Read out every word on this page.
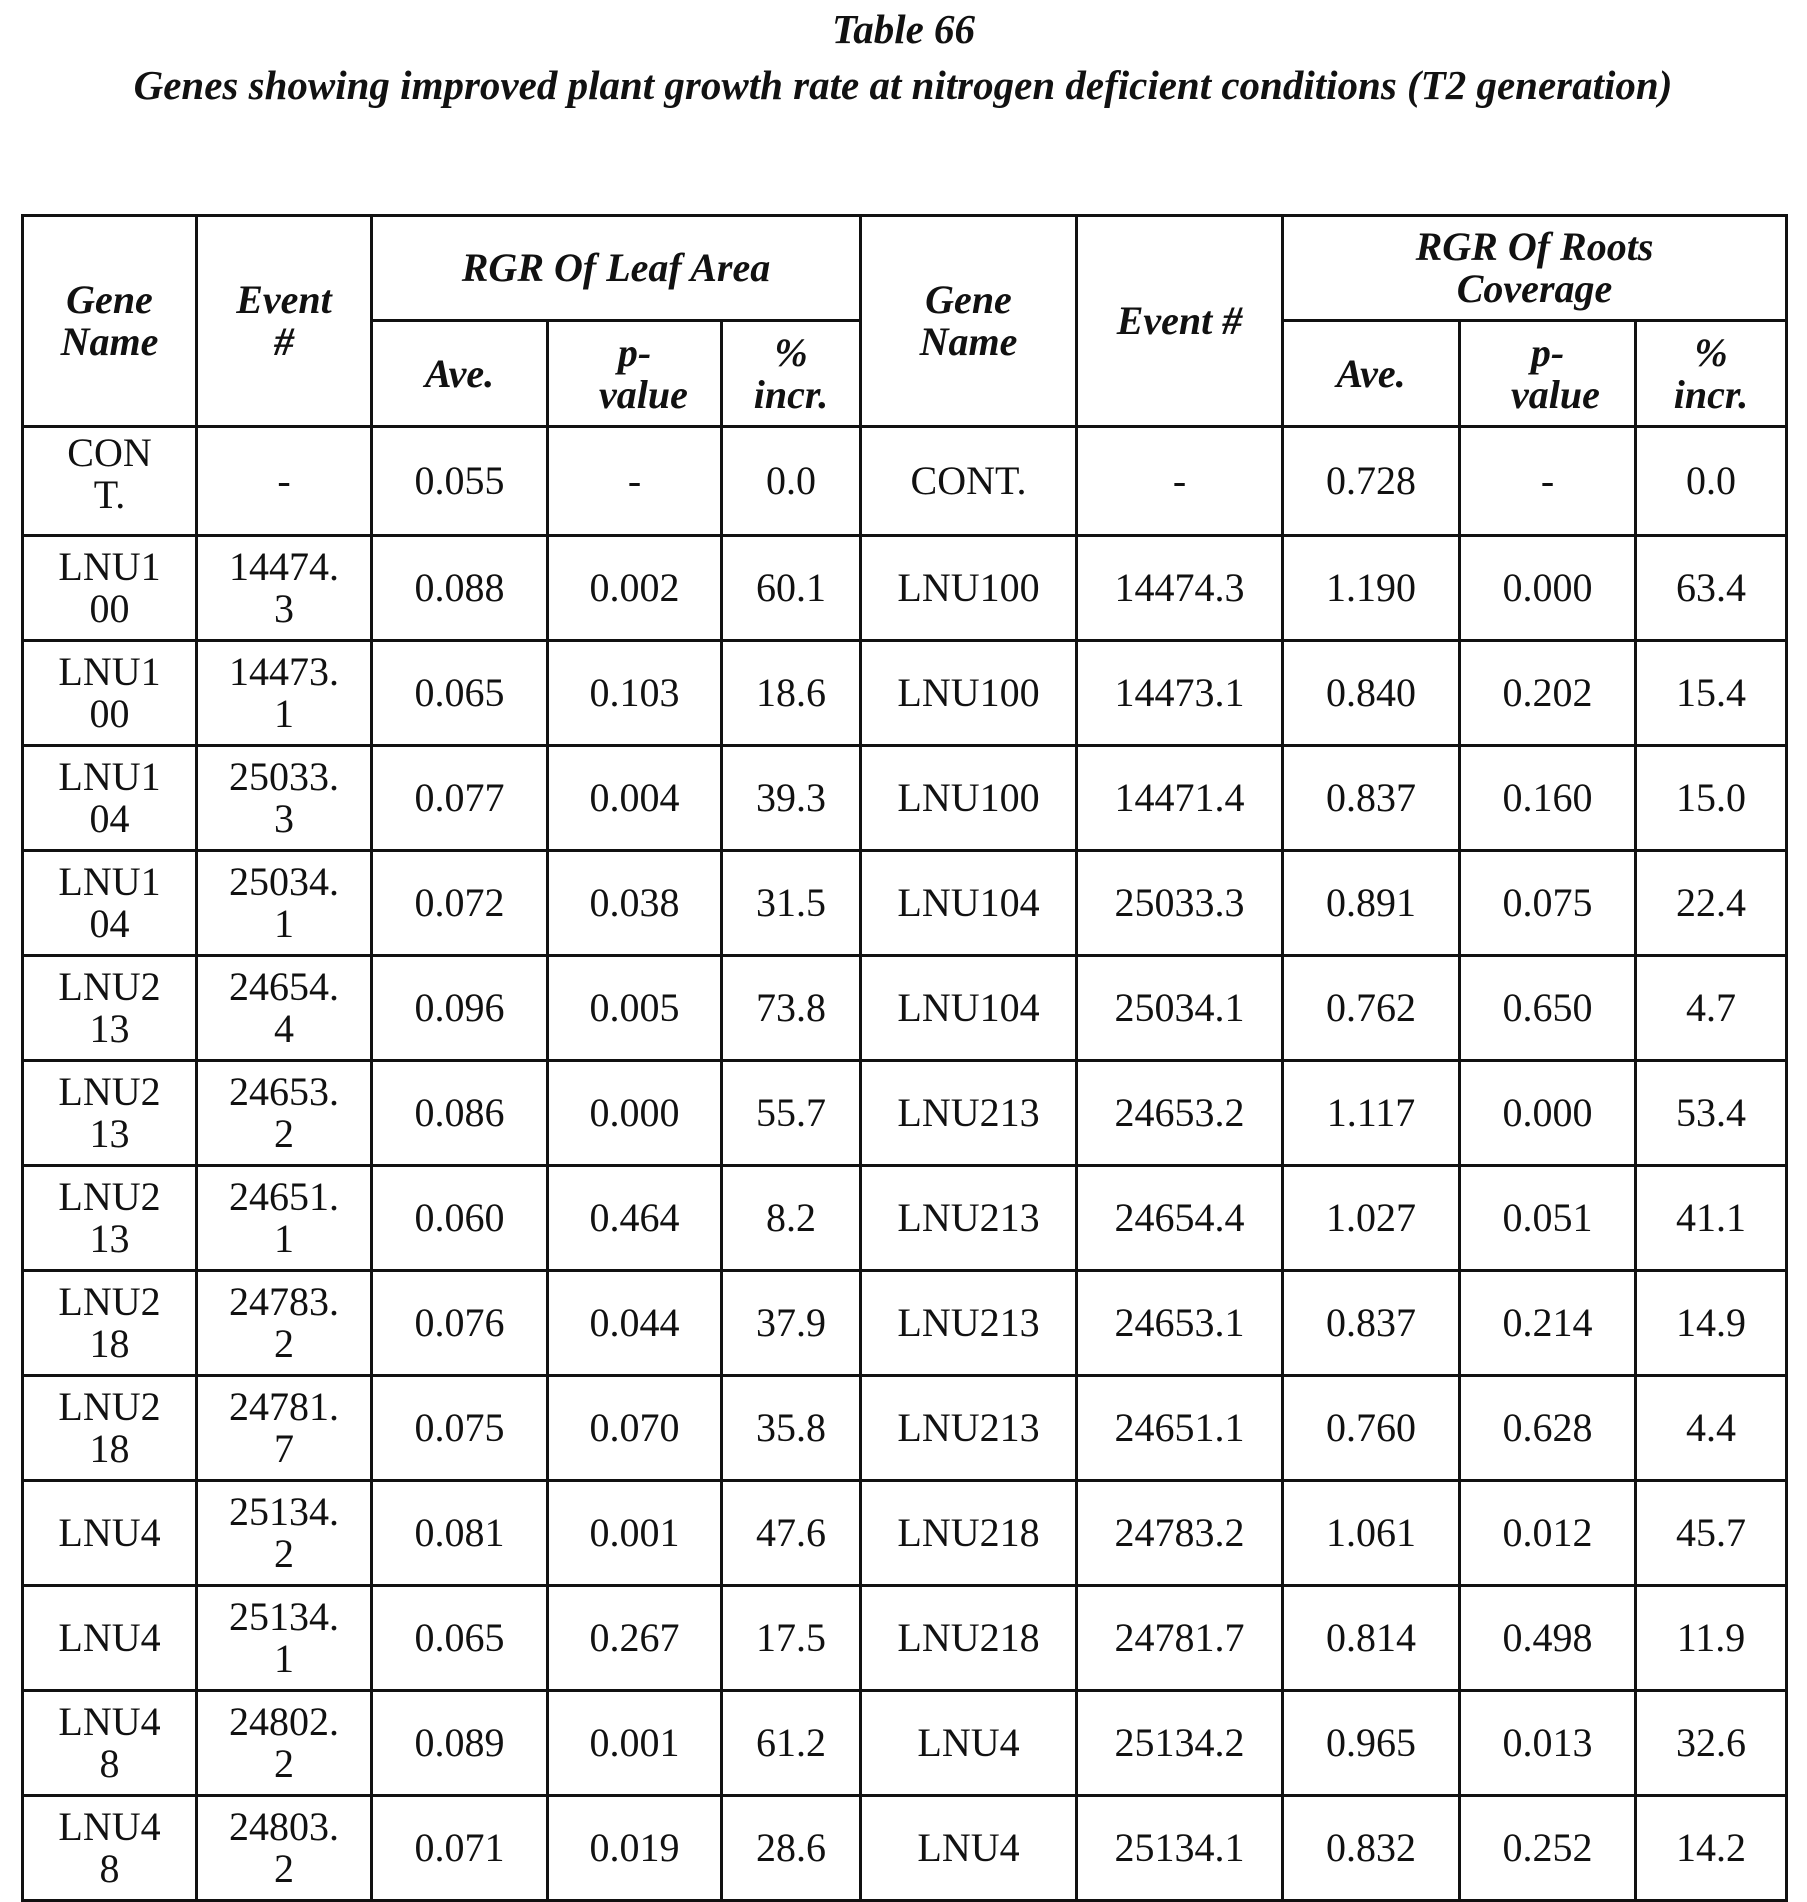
Table 66
Genes showing improved plant growth rate at nitrogen deficient conditions (T2 generation)
Gene Name	Event #	RGR Of Leaf Area	Gene Name	Event #	RGR Of Roots Coverage
Ave.	p-value	% incr.	Ave.	p-value	% incr.
CONT.	-	0.055	-	0.0	CONT.	-	0.728	-	0.0
LNU100	14474.3	0.088	0.002	60.1	LNU100	14474.3	1.190	0.000	63.4
LNU100	14473.1	0.065	0.103	18.6	LNU100	14473.1	0.840	0.202	15.4
LNU104	25033.3	0.077	0.004	39.3	LNU100	14471.4	0.837	0.160	15.0
LNU104	25034.1	0.072	0.038	31.5	LNU104	25033.3	0.891	0.075	22.4
LNU213	24654.4	0.096	0.005	73.8	LNU104	25034.1	0.762	0.650	4.7
LNU213	24653.2	0.086	0.000	55.7	LNU213	24653.2	1.117	0.000	53.4
LNU213	24651.1	0.060	0.464	8.2	LNU213	24654.4	1.027	0.051	41.1
LNU218	24783.2	0.076	0.044	37.9	LNU213	24653.1	0.837	0.214	14.9
LNU218	24781.7	0.075	0.070	35.8	LNU213	24651.1	0.760	0.628	4.4
LNU4	25134.2	0.081	0.001	47.6	LNU218	24783.2	1.061	0.012	45.7
LNU4	25134.1	0.065	0.267	17.5	LNU218	24781.7	0.814	0.498	11.9
LNU48	24802.2	0.089	0.001	61.2	LNU4	25134.2	0.965	0.013	32.6
LNU48	24803.2	0.071	0.019	28.6	LNU4	25134.1	0.832	0.252	14.2
